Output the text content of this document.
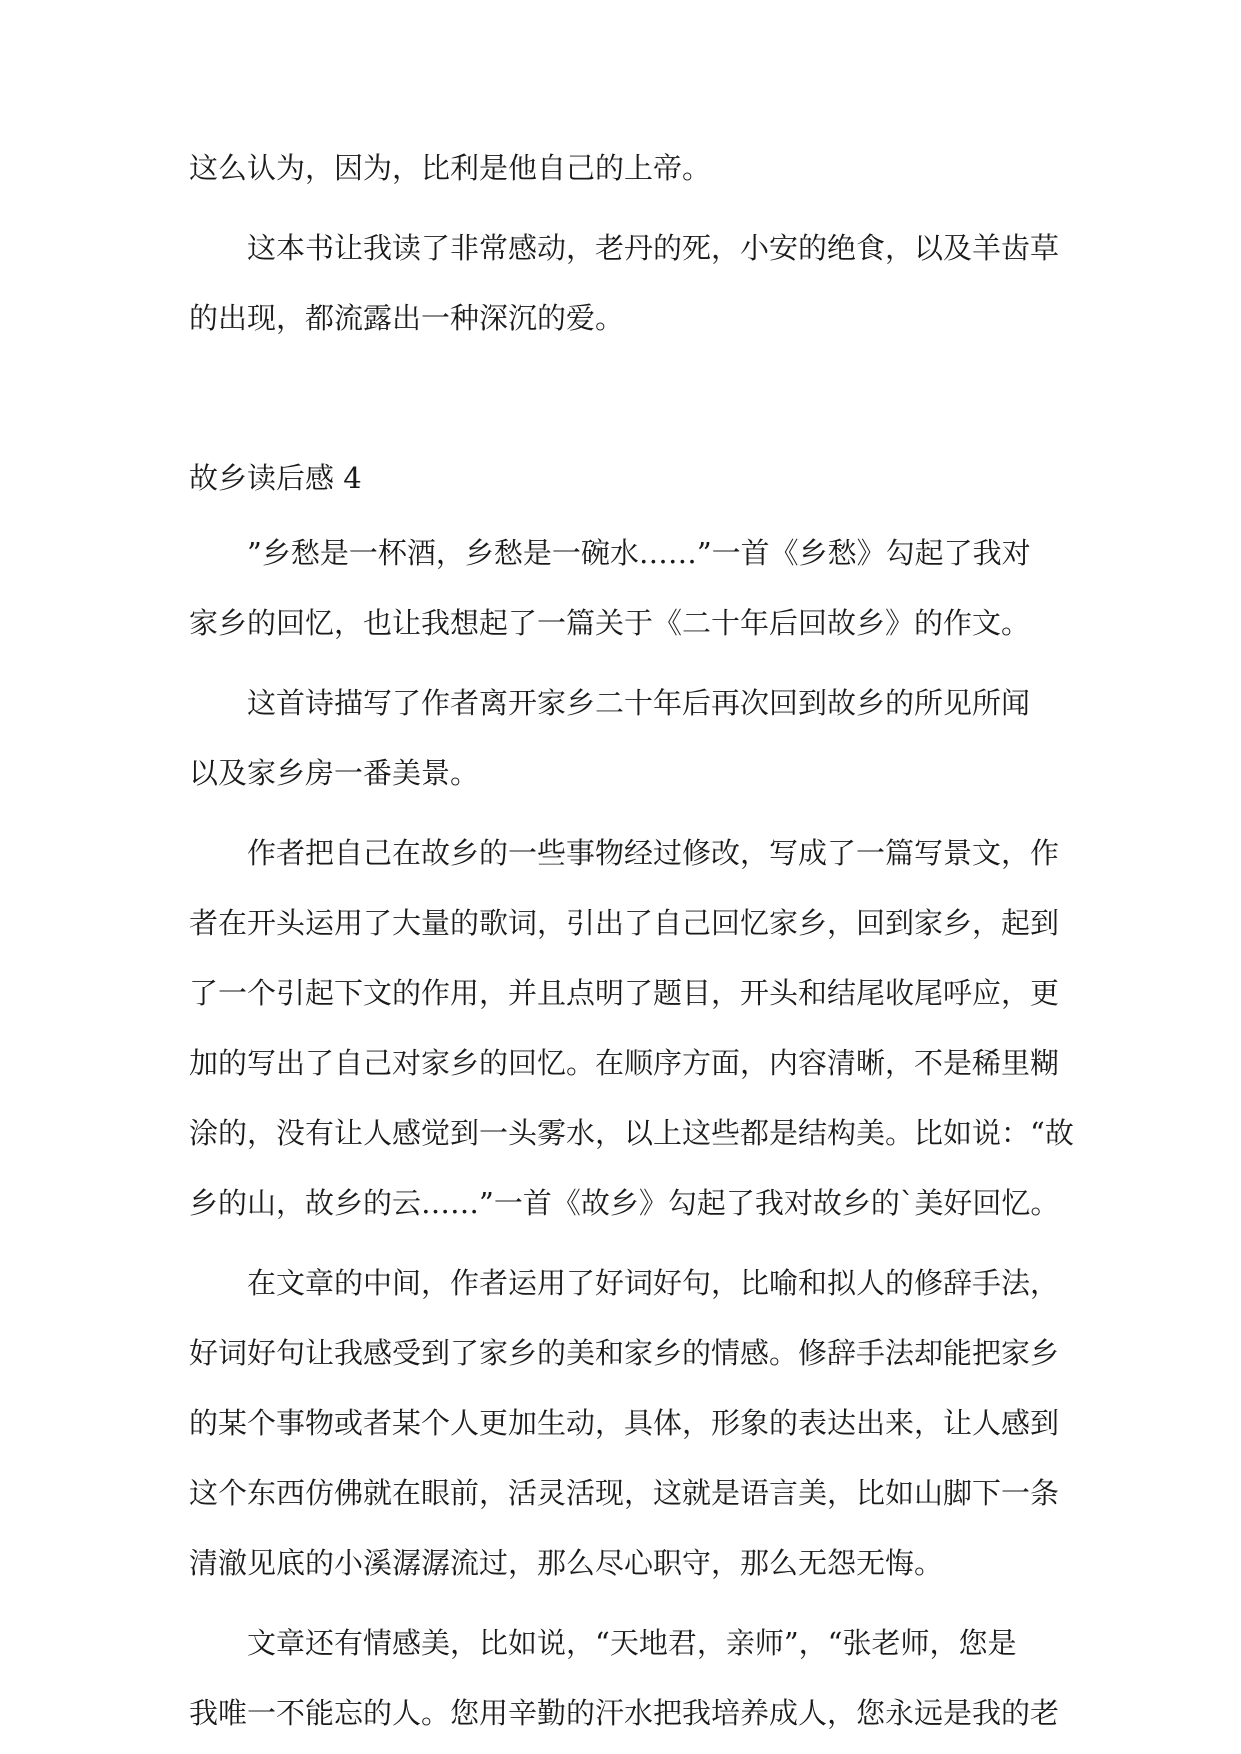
这么认为，因为，比利是他自己的上帝。
这本书让我读了非常感动，老丹的死，小安的绝食，以及羊齿草
的出现，都流露出一种深沉的爱。
故乡读后感 4
”乡愁是一杯酒，乡愁是一碗水……”一首《乡愁》勾起了我对
家乡的回忆，也让我想起了一篇关于《二十年后回故乡》的作文。
这首诗描写了作者离开家乡二十年后再次回到故乡的所见所闻
以及家乡房一番美景。
作者把自己在故乡的一些事物经过修改，写成了一篇写景文，作
者在开头运用了大量的歌词，引出了自己回忆家乡，回到家乡，起到
了一个引起下文的作用，并且点明了题目，开头和结尾收尾呼应，更
加的写出了自己对家乡的回忆。在顺序方面，内容清晰，不是稀里糊
涂的，没有让人感觉到一头雾水，以上这些都是结构美。比如说：“故
乡的山，故乡的云……”一首《故乡》勾起了我对故乡的`美好回忆。
在文章的中间，作者运用了好词好句，比喻和拟人的修辞手法，
好词好句让我感受到了家乡的美和家乡的情感。修辞手法却能把家乡
的某个事物或者某个人更加生动，具体，形象的表达出来，让人感到
这个东西仿佛就在眼前，活灵活现，这就是语言美，比如山脚下一条
清澈见底的小溪潺潺流过，那么尽心职守，那么无怨无悔。
文章还有情感美，比如说，“天地君，亲师”，“张老师，您是
我唯一不能忘的人。您用辛勤的汗水把我培养成人，您永远是我的老
